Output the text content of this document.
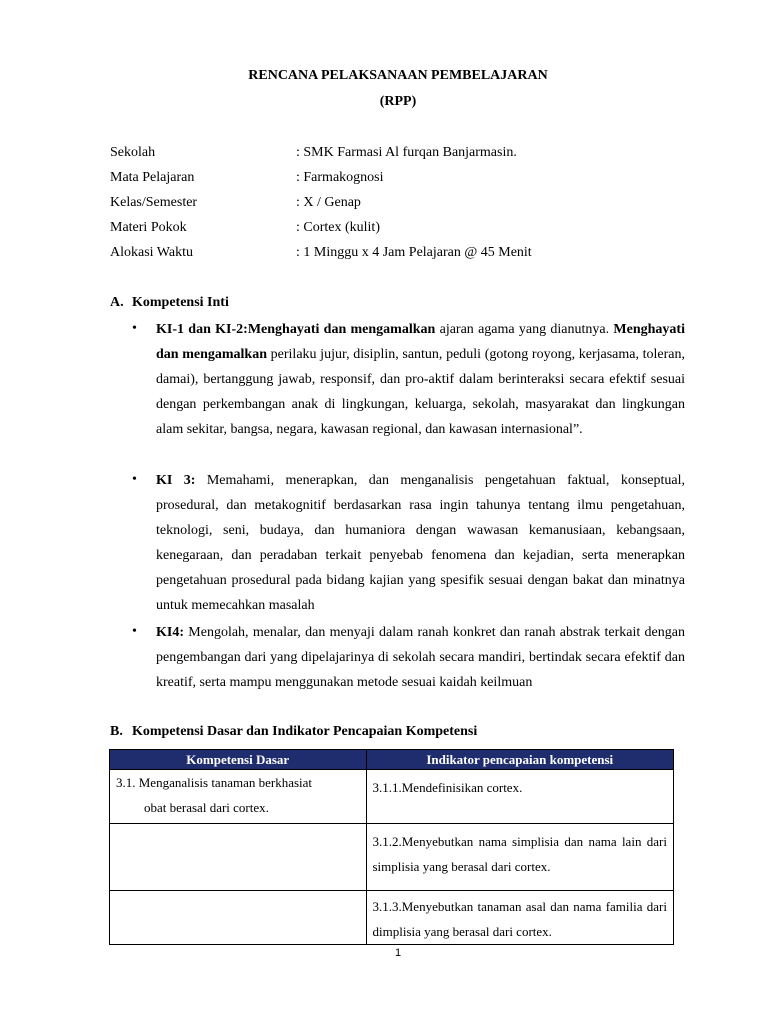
RENCANA PELAKSANAAN PEMBELAJARAN
(RPP)
Sekolah	: SMK Farmasi Al furqan Banjarmasin.
Mata Pelajaran	: Farmakognosi
Kelas/Semester	: X / Genap
Materi Pokok	: Cortex (kulit)
Alokasi Waktu	: 1 Minggu x 4 Jam Pelajaran @ 45 Menit
A. Kompetensi Inti
• KI-1 dan KI-2:Menghayati dan mengamalkan ajaran agama yang dianutnya. Menghayati dan mengamalkan perilaku jujur, disiplin, santun, peduli (gotong royong, kerjasama, toleran, damai), bertanggung jawab, responsif, dan pro-aktif dalam berinteraksi secara efektif sesuai dengan perkembangan anak di lingkungan, keluarga, sekolah, masyarakat dan lingkungan alam sekitar, bangsa, negara, kawasan regional, dan kawasan internasional”.
• KI 3: Memahami, menerapkan, dan menganalisis pengetahuan faktual, konseptual, prosedural, dan metakognitif berdasarkan rasa ingin tahunya tentang ilmu pengetahuan, teknologi, seni, budaya, dan humaniora dengan wawasan kemanusiaan, kebangsaan, kenegaraan, dan peradaban terkait penyebab fenomena dan kejadian, serta menerapkan pengetahuan prosedural pada bidang kajian yang spesifik sesuai dengan bakat dan minatnya untuk memecahkan masalah
• KI4: Mengolah, menalar, dan menyaji dalam ranah konkret dan ranah abstrak terkait dengan pengembangan dari yang dipelajarinya di sekolah secara mandiri, bertindak secara efektif dan kreatif, serta mampu menggunakan metode sesuai kaidah keilmuan
B. Kompetensi Dasar dan Indikator Pencapaian Kompetensi
Kompetensi Dasar	Indikator pencapaian kompetensi

3.1. Menganalisis tanaman berkhasiat
obat berasal dari cortex.	3.1.1.Mendefinisikan cortex.

	3.1.2.Menyebutkan nama simplisia dan nama lain dari simplisia yang berasal dari cortex.

	3.1.3.Menyebutkan tanaman asal dan nama familia dari dimplisia yang berasal dari cortex.
1
